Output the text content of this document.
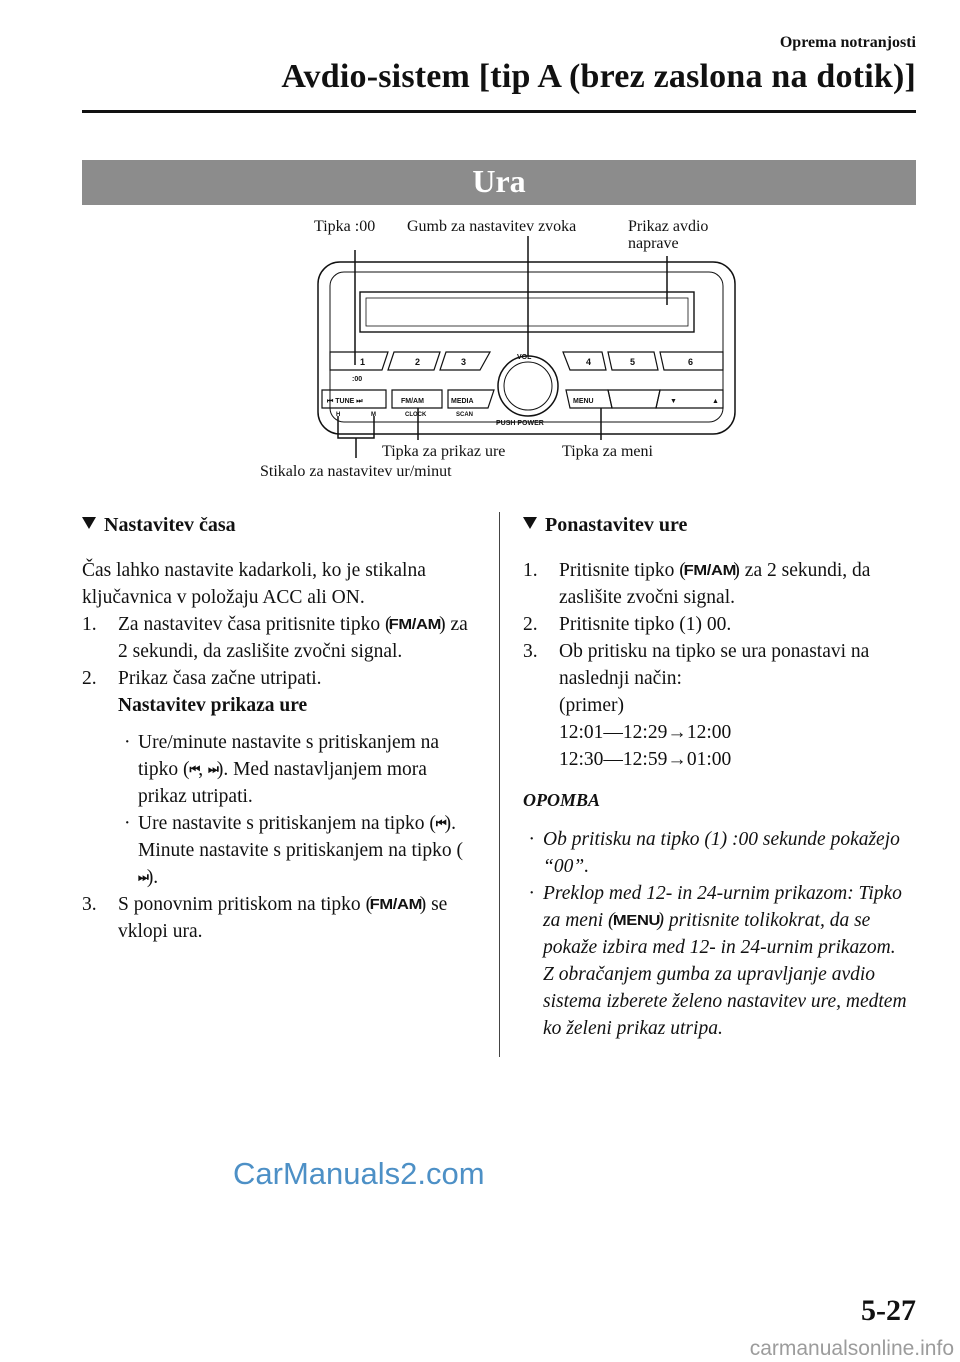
Oprema notranjosti
Avdio-sistem [tip A (brez zaslona na dotik)]
Ura
Tipka :00 Gumb za nastavitev zvoka	Prikaz avdio
naprave
Tipka za prikaz ure	Tipka za meni
Stikalo za nastavitev ur/minut
1	2	3	4	5	6
VOL
:00
⏮ TUNE ⏭	FM/AM	MEDIA	MENU	▼	▲
H	M	CLOCK	SCAN
PUSH POWER

Nastavitev časa

Čas lahko nastavite kadarkoli, ko je stikalna ključavnica v položaju ACC ali ON.

1. Za nastavitev časa pritisnite tipko (FM/AM) za 2 sekundi, da zaslišite zvočni signal.
2. Prikaz časa začne utripati.
Nastavitev prikaza ure
· Ure/minute nastavite s pritiskanjem na tipko (⏮, ⏭). Med nastavljanjem mora prikaz utripati.
· Ure nastavite s pritiskanjem na tipko (⏮). Minute nastavite s pritiskanjem na tipko (⏭).
3. S ponovnim pritiskom na tipko (FM/AM) se vklopi ura.

Ponastavitev ure

1. Pritisnite tipko (FM/AM) za 2 sekundi, da zaslišite zvočni signal.
2. Pritisnite tipko (1) 00.
3. Ob pritisku na tipko se ura ponastavi na naslednji način:
(primer)
12:01―12:29→12:00
12:30―12:59→01:00

OPOMBA

· Ob pritisku na tipko (1) :00 sekunde pokažejo “00”.
· Preklop med 12- in 24-urnim prikazom: Tipko za meni (MENU) pritisnite tolikokrat, da se pokaže izbira med 12- in 24-urnim prikazom. Z obračanjem gumba za upravljanje avdio sistema izberete želeno nastavitev ure, medtem ko želeni prikaz utripa.
CarManuals2.com
5-27
carmanualsonline.info
